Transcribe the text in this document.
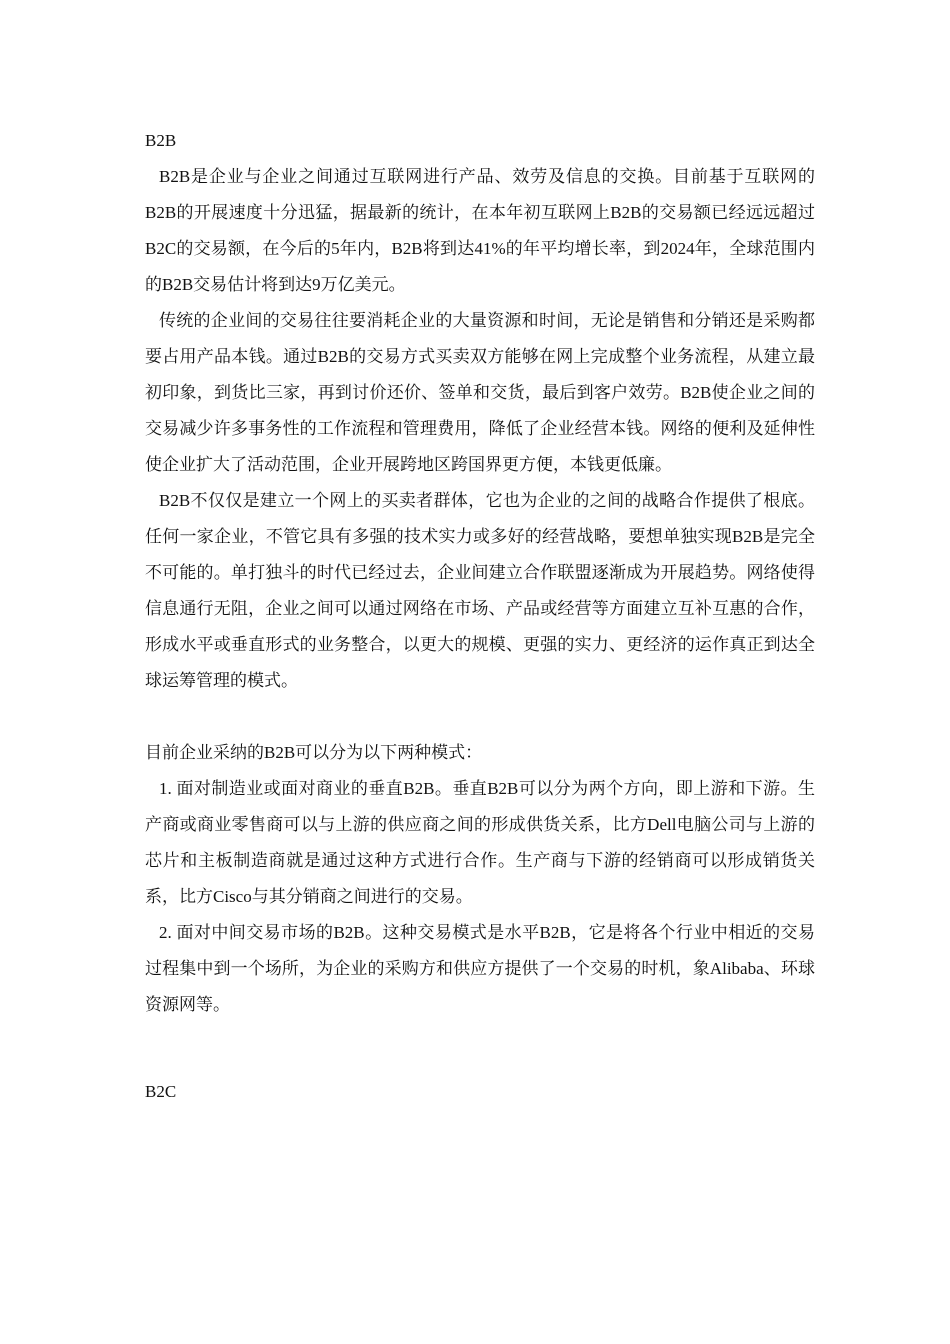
B2B

B2B是企业与企业之间通过互联网进行产品、效劳及信息的交换。目前基于互联网的B2B的开展速度十分迅猛，据最新的统计，在本年初互联网上B2B的交易额已经远远超过B2C的交易额，在今后的5年内，B2B将到达41%的年平均增长率，到2024年，全球范围内的B2B交易估计将到达9万亿美元。

传统的企业间的交易往往要消耗企业的大量资源和时间，无论是销售和分销还是采购都要占用产品本钱。通过B2B的交易方式买卖双方能够在网上完成整个业务流程，从建立最初印象，到货比三家，再到讨价还价、签单和交货，最后到客户效劳。B2B使企业之间的交易减少许多事务性的工作流程和管理费用，降低了企业经营本钱。网络的便利及延伸性使企业扩大了活动范围，企业开展跨地区跨国界更方便，本钱更低廉。

B2B不仅仅是建立一个网上的买卖者群体，它也为企业的之间的战略合作提供了根底。任何一家企业，不管它具有多强的技术实力或多好的经营战略，要想单独实现B2B是完全不可能的。单打独斗的时代已经过去，企业间建立合作联盟逐渐成为开展趋势。网络使得信息通行无阻，企业之间可以通过网络在市场、产品或经营等方面建立互补互惠的合作，形成水平或垂直形式的业务整合，以更大的规模、更强的实力、更经济的运作真正到达全球运筹管理的模式。

目前企业采纳的B2B可以分为以下两种模式：

1. 面对制造业或面对商业的垂直B2B。垂直B2B可以分为两个方向，即上游和下游。生产商或商业零售商可以与上游的供应商之间的形成供货关系，比方Dell电脑公司与上游的芯片和主板制造商就是通过这种方式进行合作。生产商与下游的经销商可以形成销货关系，比方Cisco与其分销商之间进行的交易。

2. 面对中间交易市场的B2B。这种交易模式是水平B2B，它是将各个行业中相近的交易过程集中到一个场所，为企业的采购方和供应方提供了一个交易的时机，象Alibaba、环球资源网等。

B2C
